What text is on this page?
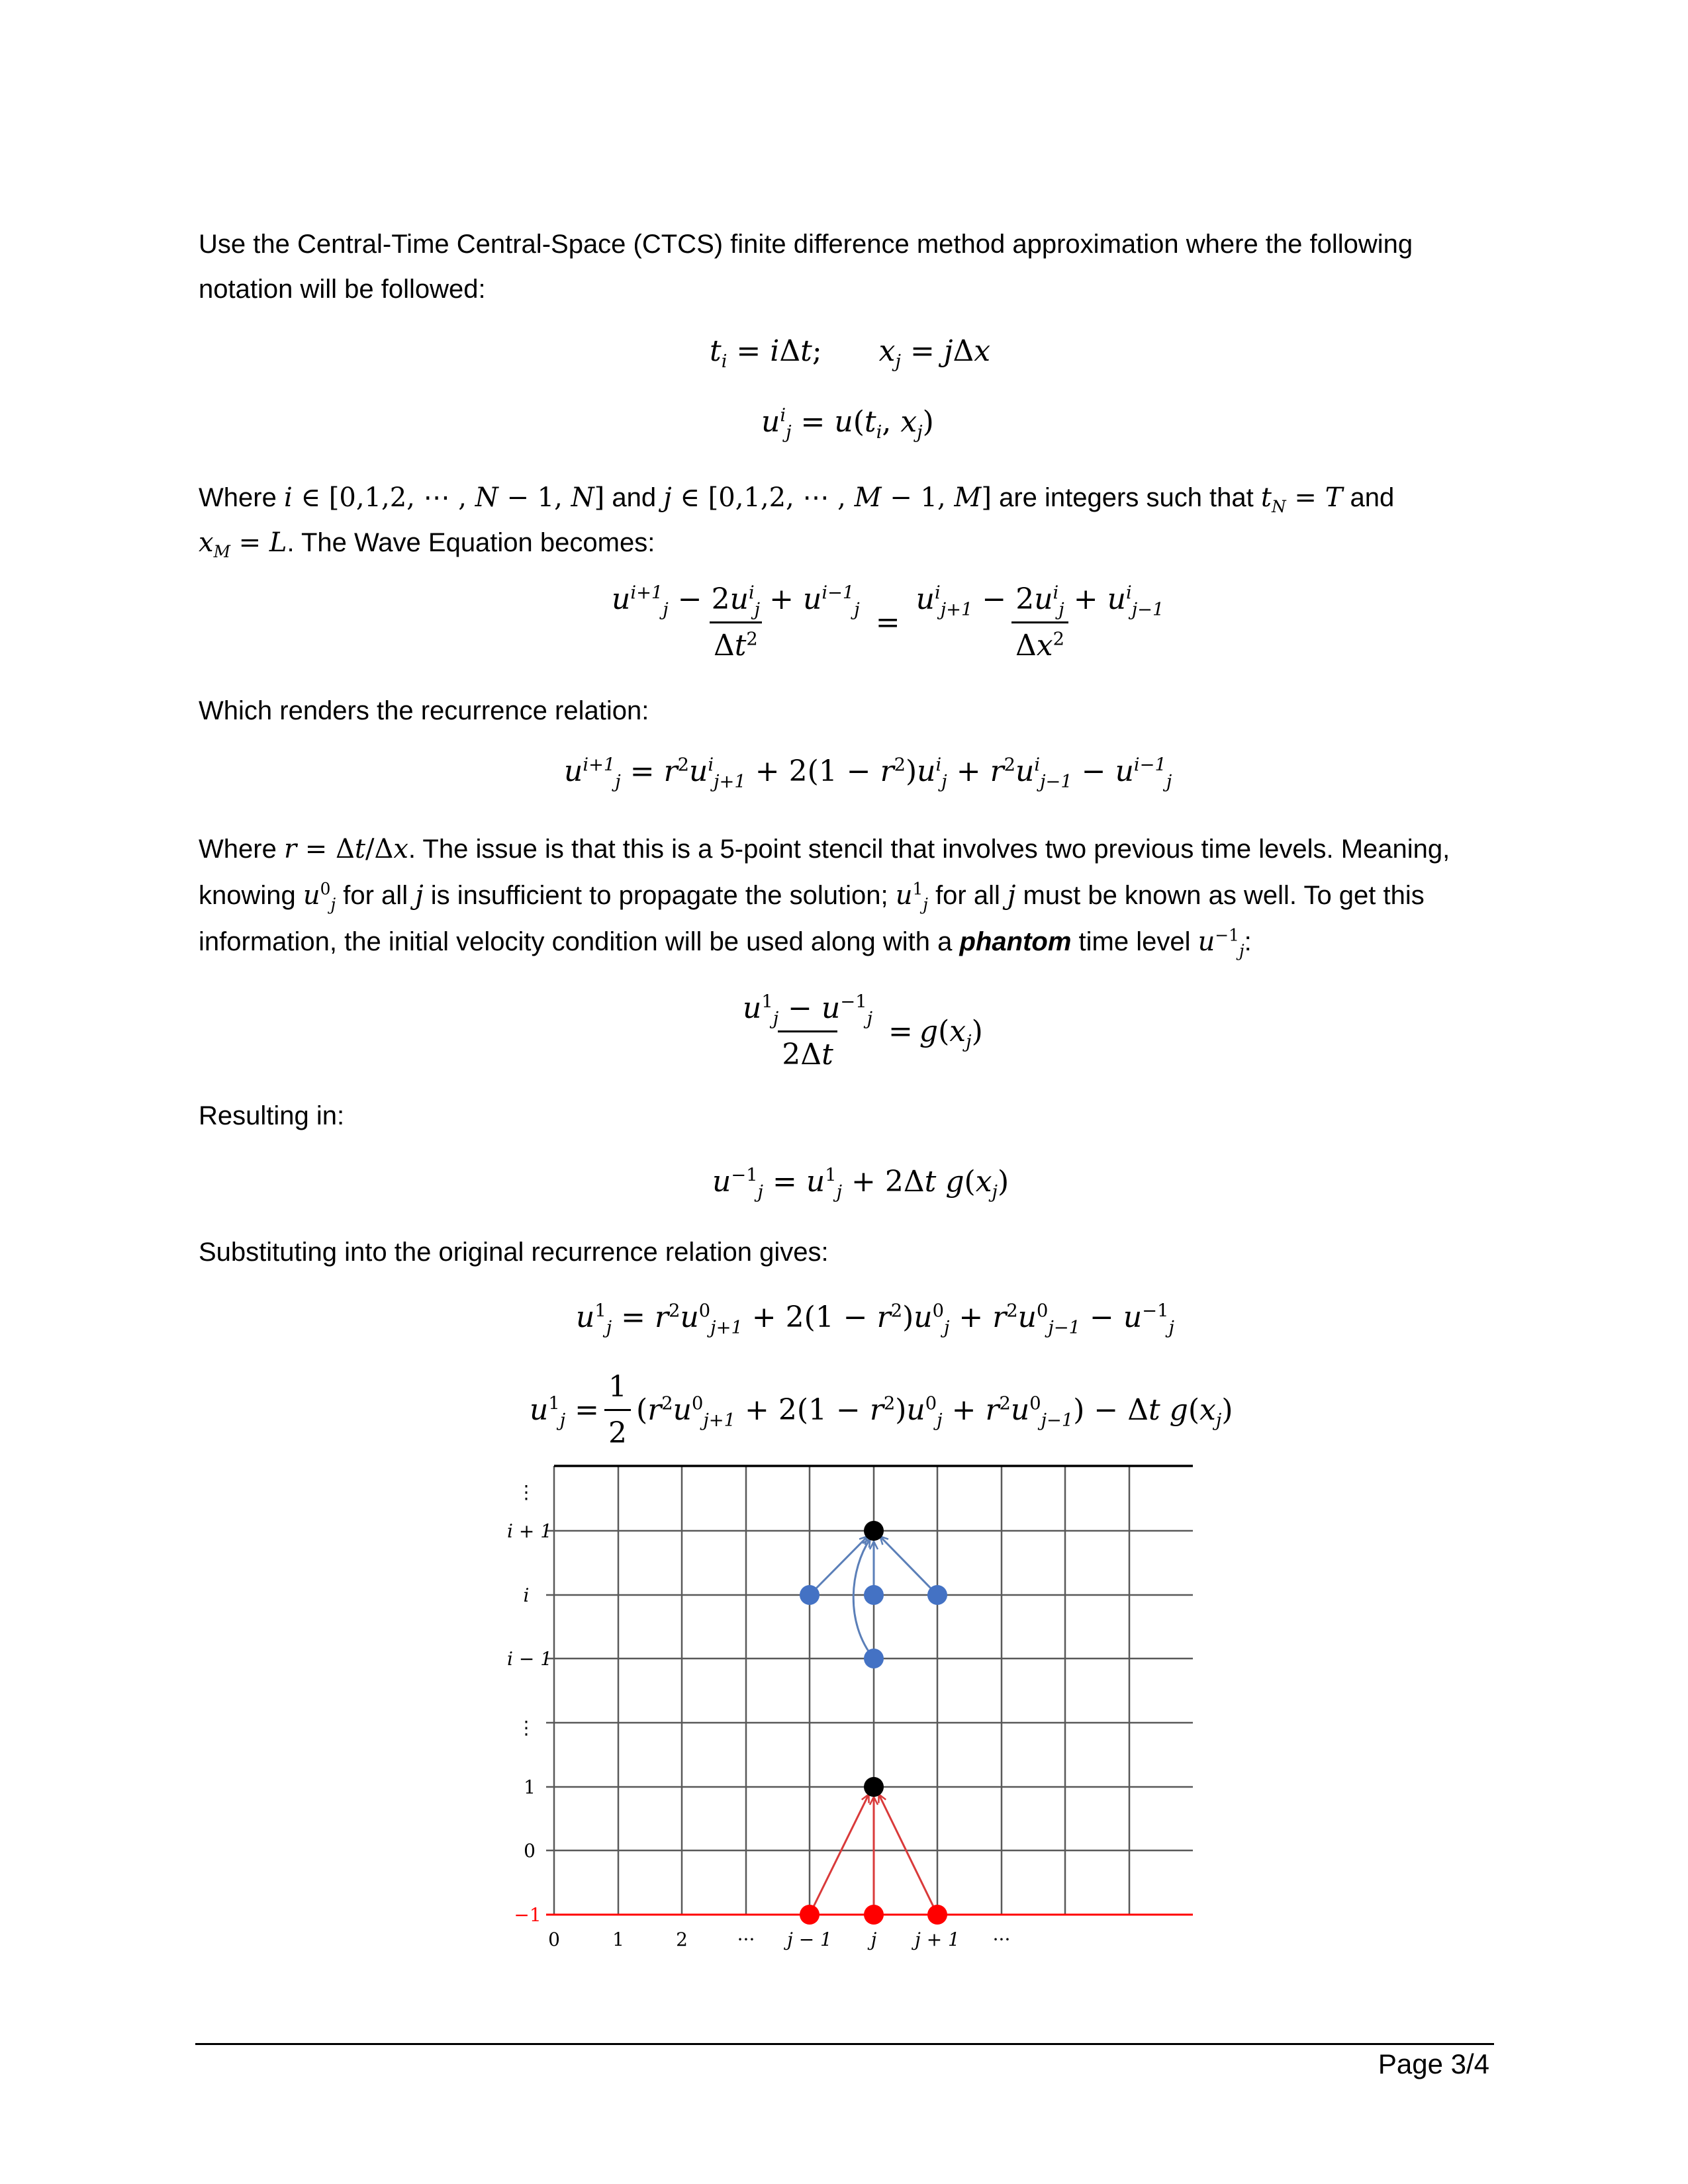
Use the Central-Time Central-Space (CTCS) finite difference method approximation where the following notation will be followed:
$t_i = i\Delta t$; $x_j = j\Delta x$
$u^i_j = u(t_i$, $x_j$)
Where i ∈ [0,1,2, ⋯ , N − 1, N] and j ∈ [0,1,2, ⋯ , M − 1, M] are integers such that $t_N = T$ and $x_M = L$. The Wave Equation becomes:
$\frac{u^{i+1}_j - 2u^i_j + u^{i-1}_j}{\Delta t^2} = \frac{u^i_{j+1} - 2u^i_j + u^i_{j-1}}{\Delta x^2}$
Which renders the recurrence relation:
$u^{i+1}_j = r^2u^i_{j+1} + 2(1 - r^2)u^i_j + r^2u^i_{j-1} - u^{i-1}_j$
Where r = Δt/Δx. The issue is that this is a 5-point stencil that involves two previous time levels. Meaning, knowing $u^0_j$ for all j is insufficient to propagate the solution; $u^1_j$ for all j must be known as well. To get this information, the initial velocity condition will be used along with a phantom time level $u^{-1}_j$:
$\frac{u^1_j - u^{-1}_j}{2\Delta t} = g(x_j)$
Resulting in:
$u^{-1}_j = u^1_j + 2\Delta t$ $g(x_j)$
Substituting into the original recurrence relation gives:
$u^1_j = r^2u^0_{j+1} + 2(1 - r^2)u^0_j + r^2u^0_{j-1} - u^{-1}_j$
$u^1_j = \frac{1}{2} (r^2u^0_{j+1} + 2(1 - r^2)u^0_j + r^2u^0_{j-1}) - \Delta t$ $g(x_j)$
⋮
i + 1
i
i − 1
⋮
1
0
−1
0	1	2	··· j − 1 j j + 1 ···
Page 3/4
